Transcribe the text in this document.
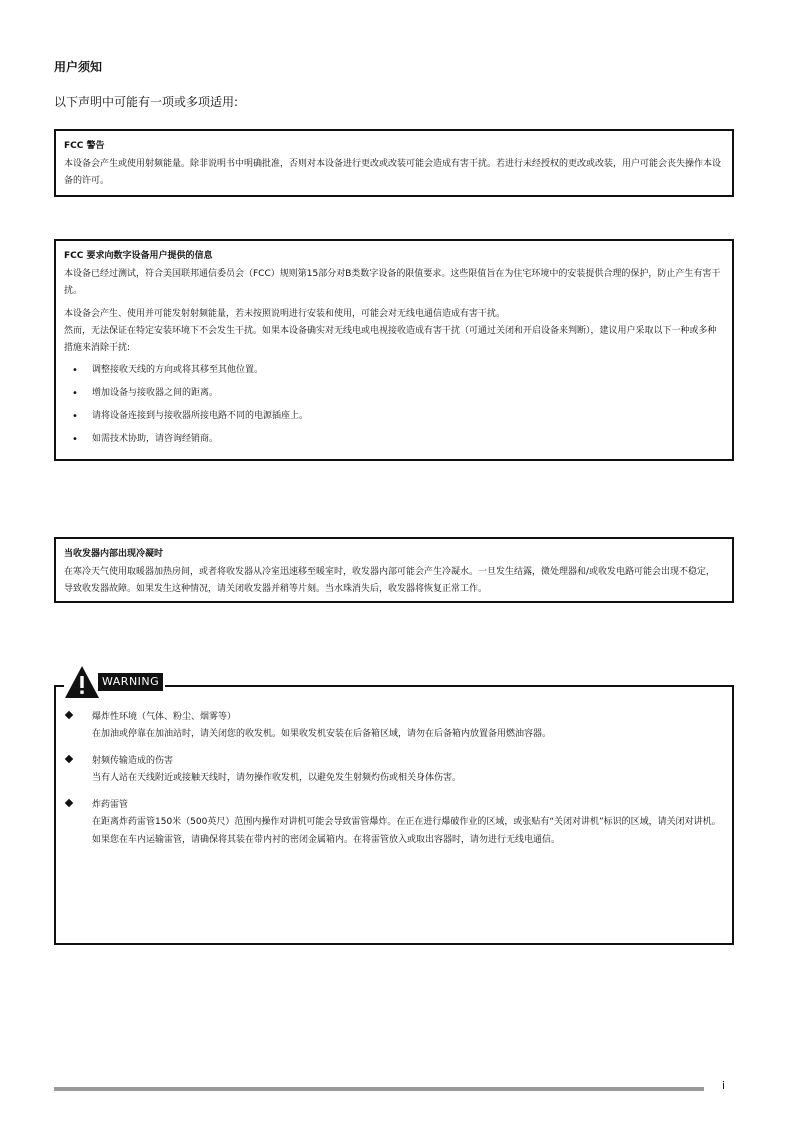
用户须知
以下声明中可能有一项或多项适用:
FCC 警告

本设备会产生或使用射频能量。除非说明书中明确批准，否则对本设备进行更改或改装可能会造成有害干扰。若进行未经授权的更改或改装，用户可能会丧失操作本设备的许可。

FCC 要求向数字设备用户提供的信息

本设备已经过测试，符合美国联邦通信委员会（FCC）规则第15部分对B类数字设备的限值要求。这些限值旨在为住宅环境中的安装提供合理的保护，防止产生有害干扰。

本设备会产生、使用并可能发射射频能量，若未按照说明进行安装和使用，可能会对无线电通信造成有害干扰。

然而，无法保证在特定安装环境下不会发生干扰。如果本设备确实对无线电或电视接收造成有害干扰（可通过关闭和开启设备来判断），建议用户采取以下一种或多种措施来消除干扰:

• 调整接收天线的方向或将其移至其他位置。
• 增加设备与接收器之间的距离。
• 请将设备连接到与接收器所接电路不同的电源插座上。
• 如需技术协助，请咨询经销商。
当收发器内部出现冷凝时

在寒冷天气使用取暖器加热房间，或者将收发器从冷室迅速移至暖室时，收发器内部可能会产生冷凝水。一旦发生结露，微处理器和/或收发电路可能会出现不稳定，导致收发器故障。如果发生这种情况，请关闭收发器并稍等片刻。当水珠消失后，收发器将恢复正常工作。

爆炸性环境（气体、粉尘、烟雾等）
在加油或停靠在加油站时，请关闭您的收发机。如果收发机安装在后备箱区域，请勿在后备箱内放置备用燃油容器。
射频传输造成的伤害
当有人站在天线附近或接触天线时，请勿操作收发机，以避免发生射频灼伤或相关身体伤害。
炸药雷管
在距离炸药雷管150米（500英尺）范围内操作对讲机可能会导致雷管爆炸。在正在进行爆破作业的区域，或张贴有“关闭对讲机”标识的区域，请关闭对讲机。如果您在车内运输雷管，请确保将其装在带内衬的密闭金属箱内。在将雷管放入或取出容器时，请勿进行无线电通信。
WARNING
i
